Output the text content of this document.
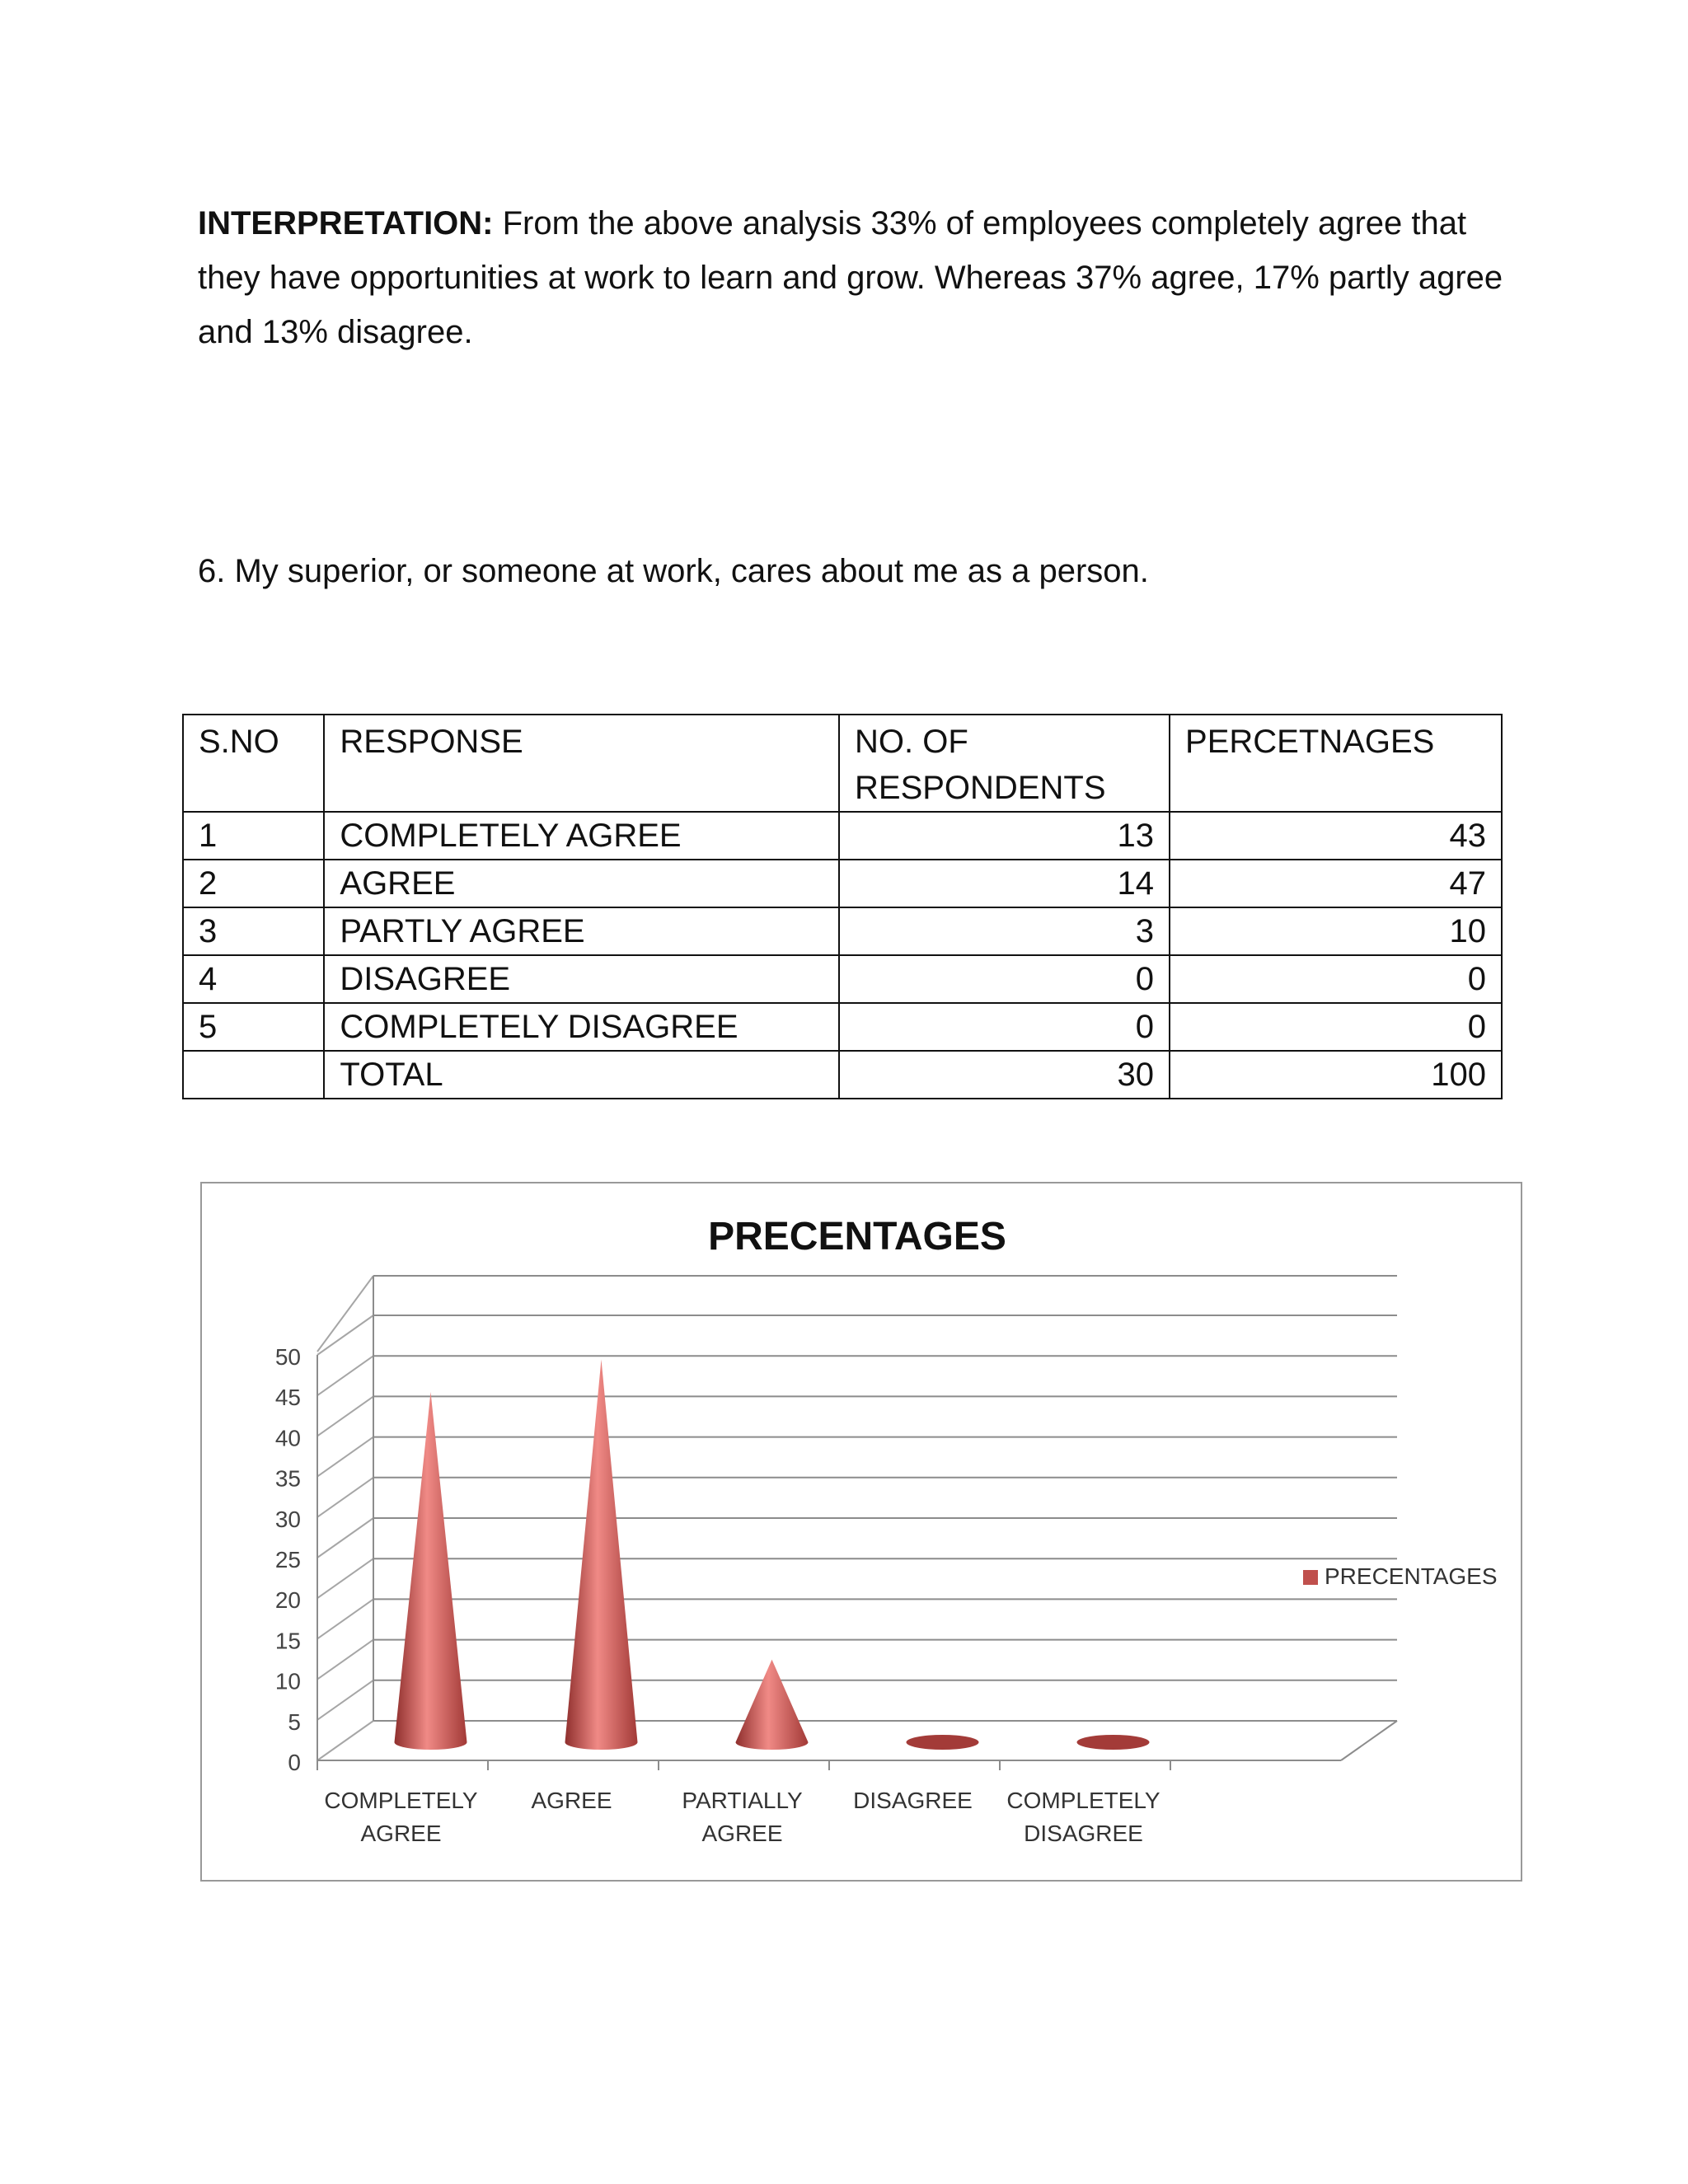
INTERPRETATION: From the above analysis 33% of employees completely agree that they have opportunities at work to learn and grow. Whereas 37% agree, 17% partly agree and 13% disagree.

6. My superior, or someone at work, cares about me as a person.

S.NO	RESPONSE	NO. OF RESPONDENTS	PERCETNAGES
1	COMPLETELY AGREE	13	43
2	AGREE	14	47
3	PARTLY AGREE	3	10
4	DISAGREE	0	0
5	COMPLETELY DISAGREE	0	0
	TOTAL	30	100
0
5
10
15
20
25
30
35
40
45
50
COMPLETELY AGREE
AGREE	PARTIALLY AGREE
DISAGREE COMPLETELY DISAGREE
PRECENTAGES
PRECENTAGES
